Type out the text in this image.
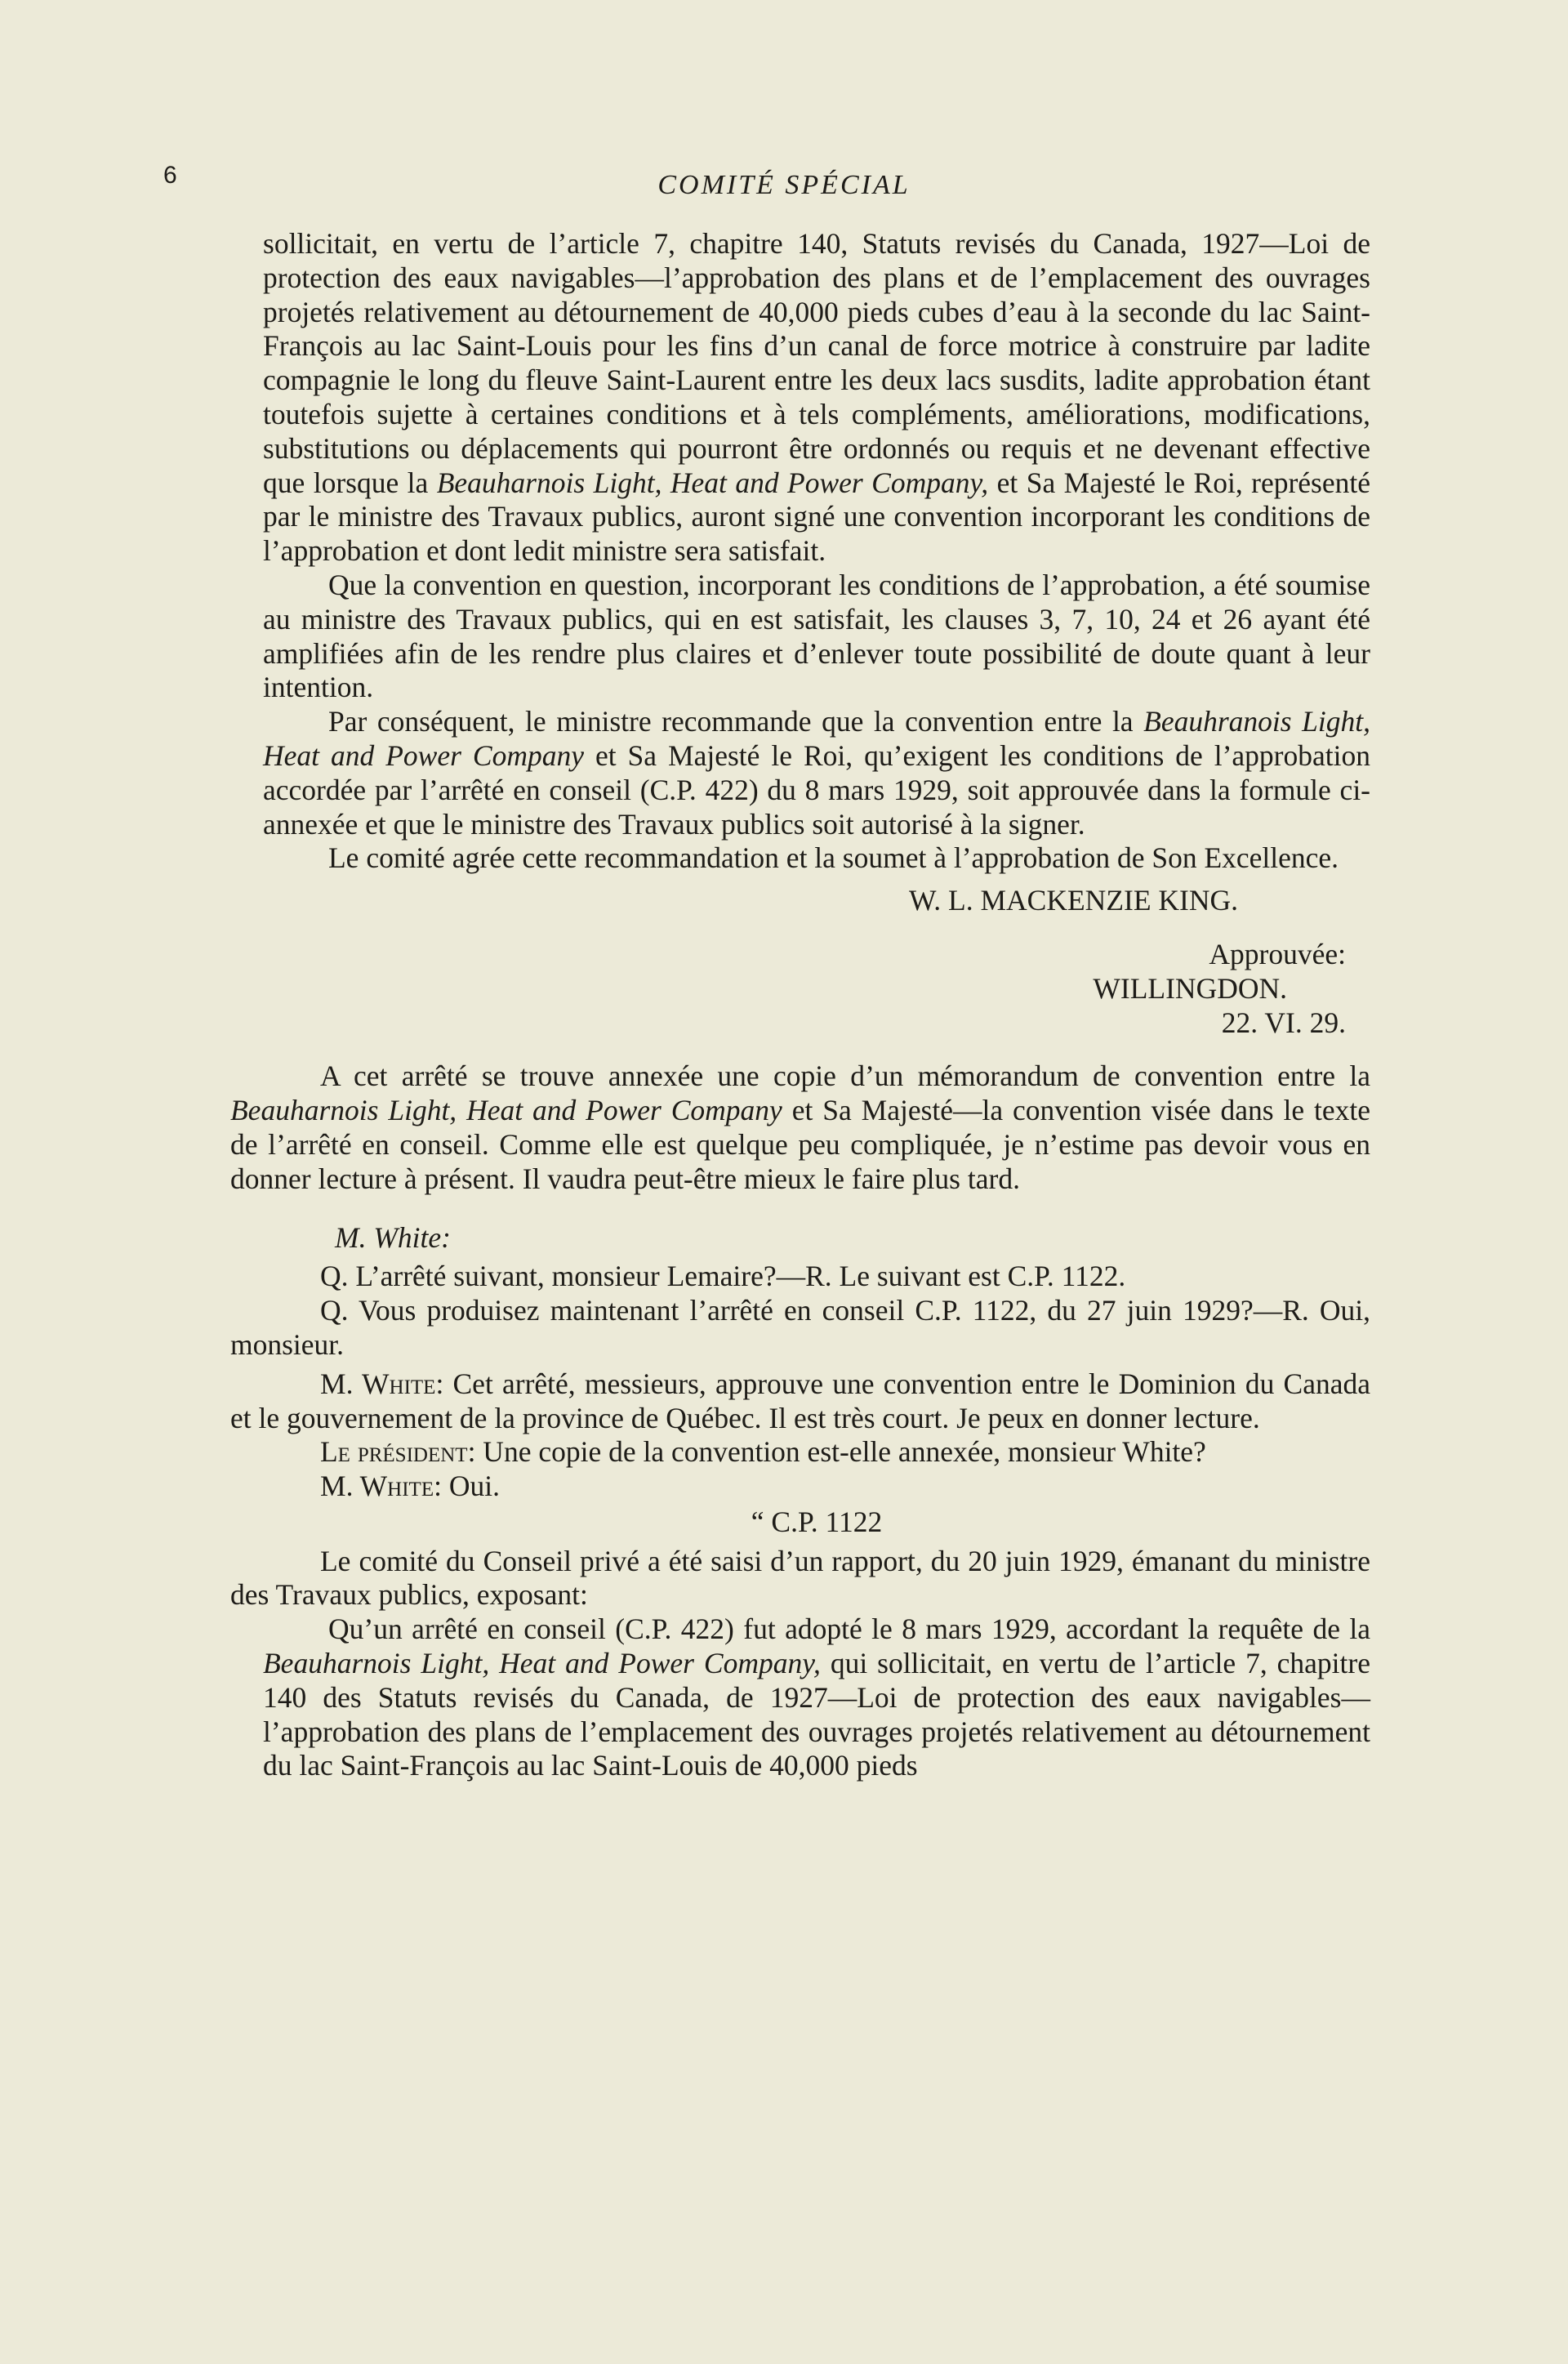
6	COMITÉ SPÉCIAL

sollicitait, en vertu de l’article 7, chapitre 140, Statuts revisés du Canada, 1927—Loi de protection des eaux navigables—l’approbation des plans et de l’emplacement des ouvrages projetés relativement au détournement de 40,000 pieds cubes d’eau à la seconde du lac Saint-François au lac Saint-Louis pour les fins d’un canal de force motrice à construire par ladite compagnie le long du fleuve Saint-Laurent entre les deux lacs susdits, ladite approbation étant toutefois sujette à certaines conditions et à tels compléments, améliorations, modifications, substitutions ou déplacements qui pourront être ordonnés ou requis et ne devenant effective que lorsque la Beauharnois Light, Heat and Power Company, et Sa Majesté le Roi, représenté par le ministre des Travaux publics, auront signé une convention incorporant les conditions de l’approbation et dont ledit ministre sera satisfait.

Que la convention en question, incorporant les conditions de l’approbation, a été soumise au ministre des Travaux publics, qui en est satisfait, les clauses 3, 7, 10, 24 et 26 ayant été amplifiées afin de les rendre plus claires et d’enlever toute possibilité de doute quant à leur intention.

Par conséquent, le ministre recommande que la convention entre la Beauhranois Light, Heat and Power Company et Sa Majesté le Roi, qu’exigent les conditions de l’approbation accordée par l’arrêté en conseil (C.P. 422) du 8 mars 1929, soit approuvée dans la formule ci-annexée et que le ministre des Travaux publics soit autorisé à la signer.

Le comité agrée cette recommandation et la soumet à l’approbation de Son Excellence.

W. L. MACKENZIE KING.

Approuvée:

WILLINGDON.

22. VI. 29.

A cet arrêté se trouve annexée une copie d’un mémorandum de convention entre la Beauharnois Light, Heat and Power Company et Sa Majesté—la convention visée dans le texte de l’arrêté en conseil. Comme elle est quelque peu compliquée, je n’estime pas devoir vous en donner lecture à présent. Il vaudra peut-être mieux le faire plus tard.

M. White:

Q. L’arrêté suivant, monsieur Lemaire?—R. Le suivant est C.P. 1122.

Q. Vous produisez maintenant l’arrêté en conseil C.P. 1122, du 27 juin 1929?—R. Oui, monsieur.

M. White: Cet arrêté, messieurs, approuve une convention entre le Dominion du Canada et le gouvernement de la province de Québec. Il est très court. Je peux en donner lecture.

Le président: Une copie de la convention est-elle annexée, monsieur White?

M. White: Oui.

“ C.P. 1122

Le comité du Conseil privé a été saisi d’un rapport, du 20 juin 1929, émanant du ministre des Travaux publics, exposant:

Qu’un arrêté en conseil (C.P. 422) fut adopté le 8 mars 1929, accordant la requête de la Beauharnois Light, Heat and Power Company, qui sollicitait, en vertu de l’article 7, chapitre 140 des Statuts revisés du Canada, de 1927—Loi de protection des eaux navigables—l’approbation des plans de l’emplacement des ouvrages projetés relativement au détournement du lac Saint-François au lac Saint-Louis de 40,000 pieds
